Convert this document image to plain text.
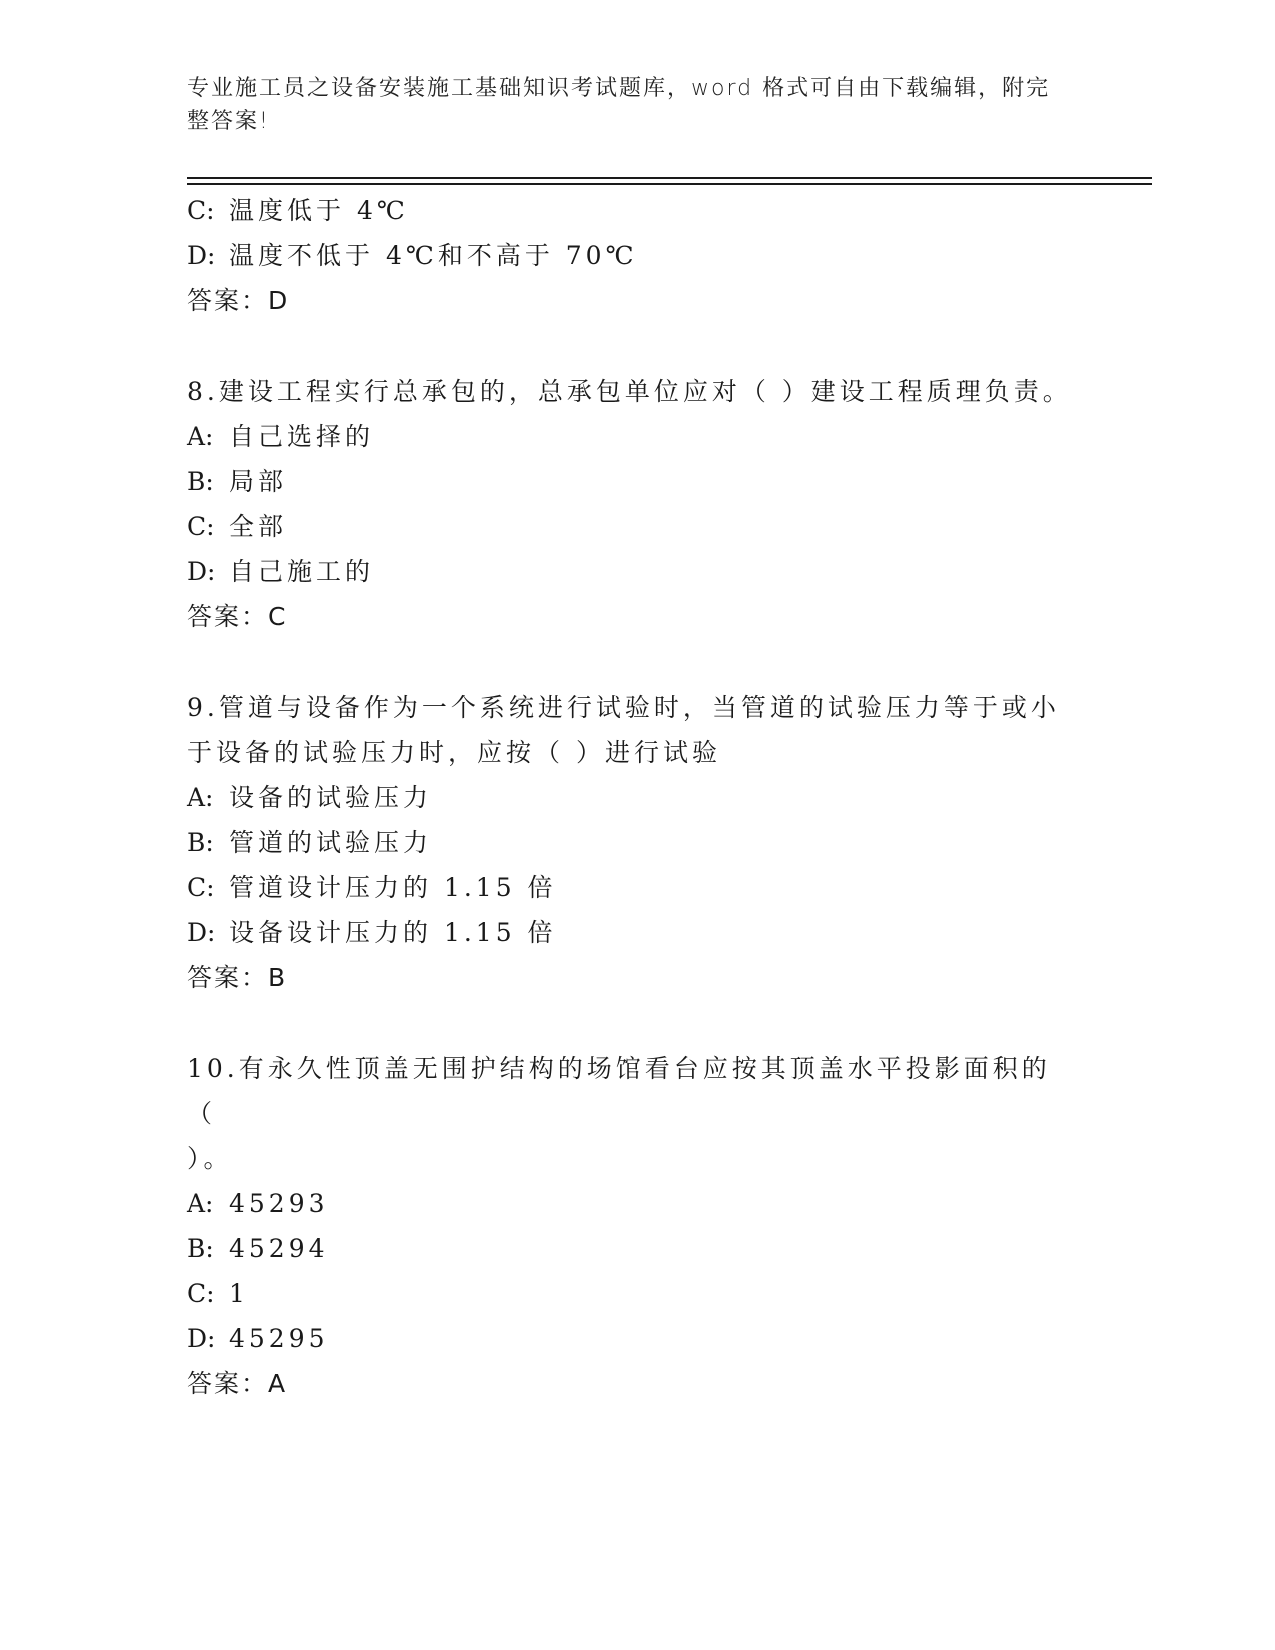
专业施工员之设备安装施工基础知识考试题库，word 格式可自由下载编辑，附完
整答案!
C: 温度低于 4℃
D: 温度不低于 4℃和不高于 70℃
答案：D
8.建设工程实行总承包的，总承包单位应对（ ）建设工程质理负责。
A: 自己选择的
B: 局部
C: 全部
D: 自己施工的
答案：C
9.管道与设备作为一个系统进行试验时，当管道的试验压力等于或小
于设备的试验压力时，应按（ ）进行试验
A: 设备的试验压力
B: 管道的试验压力
C: 管道设计压力的 1.15 倍
D: 设备设计压力的 1.15 倍
答案：B
10.有永久性顶盖无围护结构的场馆看台应按其顶盖水平投影面积的（
）。
A: 45293
B: 45294
C: 1
D: 45295
答案：A
